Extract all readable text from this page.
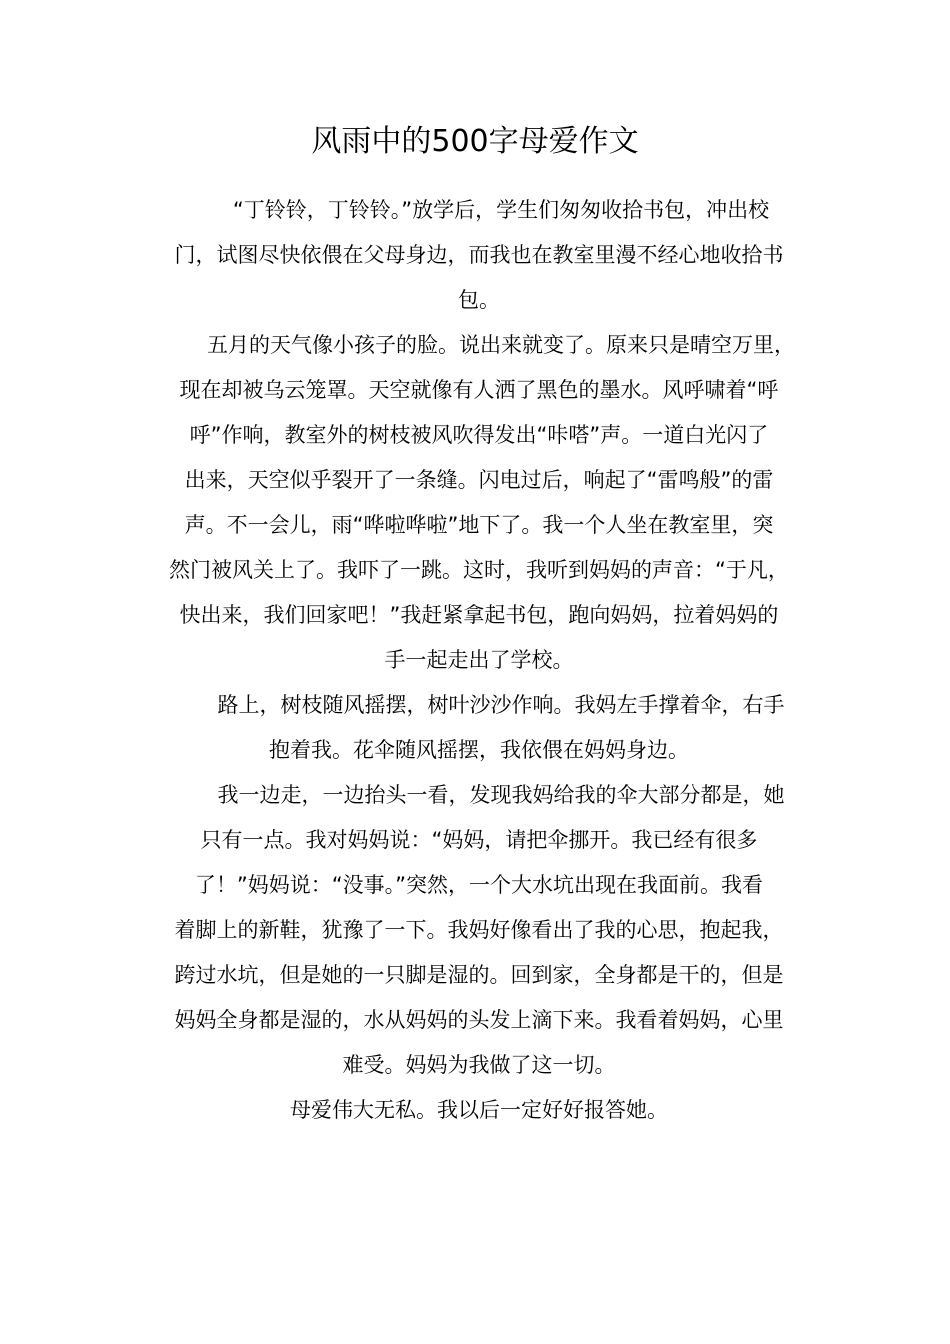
风雨中的500字母爱作文
“丁铃铃，丁铃铃。”放学后，学生们匆匆收拾书包，冲出校
门，试图尽快依偎在父母身边，而我也在教室里漫不经心地收拾书
包。
五月的天气像小孩子的脸。说出来就变了。原来只是晴空万里，
现在却被乌云笼罩。天空就像有人洒了黑色的墨水。风呼啸着“呼
呼”作响，教室外的树枝被风吹得发出“咔嗒”声。一道白光闪了
出来，天空似乎裂开了一条缝。闪电过后，响起了“雷鸣般”的雷
声。不一会儿，雨“哗啦哗啦”地下了。我一个人坐在教室里，突
然门被风关上了。我吓了一跳。这时，我听到妈妈的声音：“于凡，
快出来，我们回家吧！”我赶紧拿起书包，跑向妈妈，拉着妈妈的
手一起走出了学校。
路上，树枝随风摇摆，树叶沙沙作响。我妈左手撑着伞，右手
抱着我。花伞随风摇摆，我依偎在妈妈身边。
我一边走，一边抬头一看，发现我妈给我的伞大部分都是，她
只有一点。我对妈妈说：“妈妈，请把伞挪开。我已经有很多
了！”妈妈说：“没事。”突然，一个大水坑出现在我面前。我看
着脚上的新鞋，犹豫了一下。我妈好像看出了我的心思，抱起我，
跨过水坑，但是她的一只脚是湿的。回到家，全身都是干的，但是
妈妈全身都是湿的，水从妈妈的头发上滴下来。我看着妈妈，心里
难受。妈妈为我做了这一切。
母爱伟大无私。我以后一定好好报答她。
